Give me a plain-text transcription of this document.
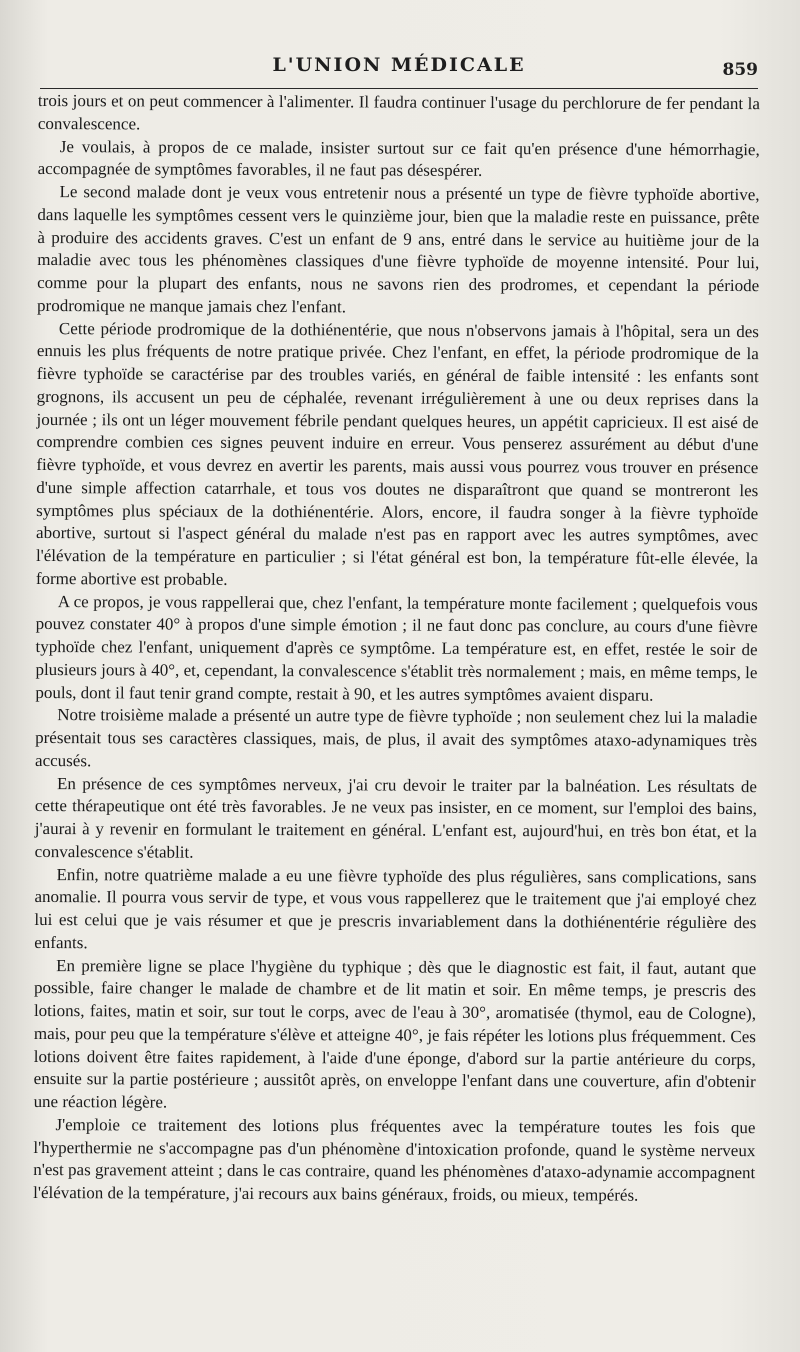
L'UNION MÉDICALE	859

trois jours et on peut commencer à l'alimenter. Il faudra continuer l'usage du perchlorure de fer pendant la convalescence.

Je voulais, à propos de ce malade, insister surtout sur ce fait qu'en présence d'une hémorrhagie, accompagnée de symptômes favorables, il ne faut pas désespérer.

Le second malade dont je veux vous entretenir nous a présenté un type de fièvre typhoïde abortive, dans laquelle les symptômes cessent vers le quinzième jour, bien que la maladie reste en puissance, prête à produire des accidents graves. C'est un enfant de 9 ans, entré dans le service au huitième jour de la maladie avec tous les phénomènes classiques d'une fièvre typhoïde de moyenne intensité. Pour lui, comme pour la plupart des enfants, nous ne savons rien des prodromes, et cependant la période prodromique ne manque jamais chez l'enfant.

Cette période prodromique de la dothiénentérie, que nous n'observons jamais à l'hôpital, sera un des ennuis les plus fréquents de notre pratique privée. Chez l'enfant, en effet, la période prodromique de la fièvre typhoïde se caractérise par des troubles variés, en général de faible intensité : les enfants sont grognons, ils accusent un peu de céphalée, revenant irrégulièrement à une ou deux reprises dans la journée ; ils ont un léger mouvement fébrile pendant quelques heures, un appétit capricieux. Il est aisé de comprendre combien ces signes peuvent induire en erreur. Vous penserez assurément au début d'une fièvre typhoïde, et vous devrez en avertir les parents, mais aussi vous pourrez vous trouver en présence d'une simple affection catarrhale, et tous vos doutes ne disparaîtront que quand se montreront les symptômes plus spéciaux de la dothiénentérie. Alors, encore, il faudra songer à la fièvre typhoïde abortive, surtout si l'aspect général du malade n'est pas en rapport avec les autres symptômes, avec l'élévation de la température en particulier ; si l'état général est bon, la température fût-elle élevée, la forme abortive est probable.

A ce propos, je vous rappellerai que, chez l'enfant, la température monte facilement ; quelquefois vous pouvez constater 40° à propos d'une simple émotion ; il ne faut donc pas conclure, au cours d'une fièvre typhoïde chez l'enfant, uniquement d'après ce symptôme. La température est, en effet, restée le soir de plusieurs jours à 40°, et, cependant, la convalescence s'établit très normalement ; mais, en même temps, le pouls, dont il faut tenir grand compte, restait à 90, et les autres symptômes avaient disparu.

Notre troisième malade a présenté un autre type de fièvre typhoïde ; non seulement chez lui la maladie présentait tous ses caractères classiques, mais, de plus, il avait des symptômes ataxo-adynamiques très accusés.

En présence de ces symptômes nerveux, j'ai cru devoir le traiter par la balnéation. Les résultats de cette thérapeutique ont été très favorables. Je ne veux pas insister, en ce moment, sur l'emploi des bains, j'aurai à y revenir en formulant le traitement en général. L'enfant est, aujourd'hui, en très bon état, et la convalescence s'établit.

Enfin, notre quatrième malade a eu une fièvre typhoïde des plus régulières, sans complications, sans anomalie. Il pourra vous servir de type, et vous vous rappellerez que le traitement que j'ai employé chez lui est celui que je vais résumer et que je prescris invariablement dans la dothiénentérie régulière des enfants.

En première ligne se place l'hygiène du typhique ; dès que le diagnostic est fait, il faut, autant que possible, faire changer le malade de chambre et de lit matin et soir. En même temps, je prescris des lotions, faites, matin et soir, sur tout le corps, avec de l'eau à 30°, aromatisée (thymol, eau de Cologne), mais, pour peu que la température s'élève et atteigne 40°, je fais répéter les lotions plus fréquemment. Ces lotions doivent être faites rapidement, à l'aide d'une éponge, d'abord sur la partie antérieure du corps, ensuite sur la partie postérieure ; aussitôt après, on enveloppe l'enfant dans une couverture, afin d'obtenir une réaction légère.

J'emploie ce traitement des lotions plus fréquentes avec la température toutes les fois que l'hyperthermie ne s'accompagne pas d'un phénomène d'intoxication profonde, quand le système nerveux n'est pas gravement atteint ; dans le cas contraire, quand les phénomènes d'ataxo-adynamie accompagnent l'élévation de la température, j'ai recours aux bains généraux, froids, ou mieux, tempérés.
